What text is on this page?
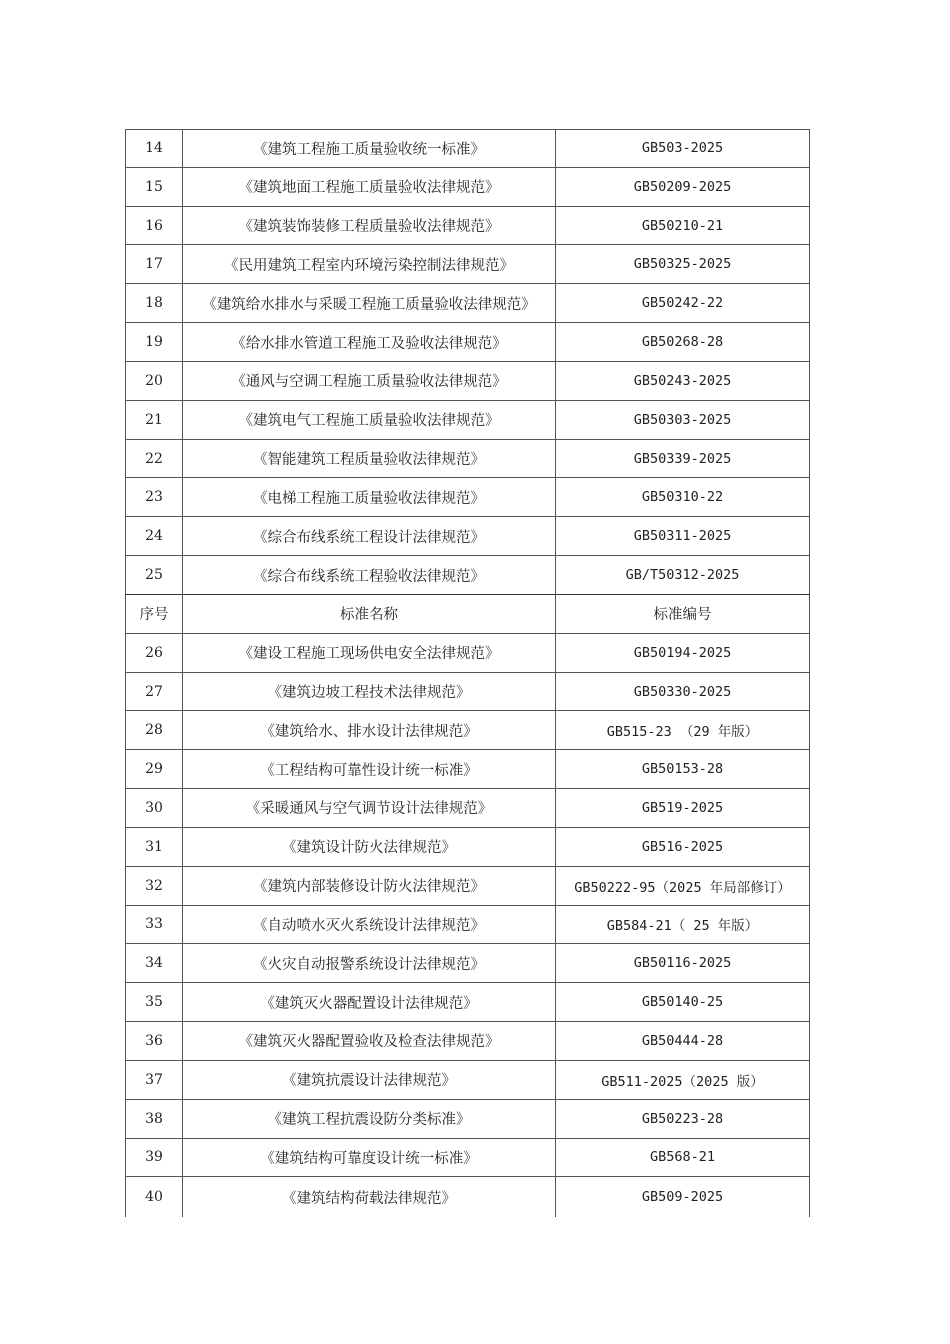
14	《建筑工程施工质量验收统一标准》	GB503-2025
15	《建筑地面工程施工质量验收法律规范》	GB50209-2025
16	《建筑装饰装修工程质量验收法律规范》	GB50210-21
17	《民用建筑工程室内环境污染控制法律规范》	GB50325-2025
18	《建筑给水排水与采暖工程施工质量验收法律规范》	GB50242-22
19	《给水排水管道工程施工及验收法律规范》	GB50268-28
20	《通风与空调工程施工质量验收法律规范》	GB50243-2025
21	《建筑电气工程施工质量验收法律规范》	GB50303-2025
22	《智能建筑工程质量验收法律规范》	GB50339-2025
23	《电梯工程施工质量验收法律规范》	GB50310-22
24	《综合布线系统工程设计法律规范》	GB50311-2025
25	《综合布线系统工程验收法律规范》	GB/T50312-2025
序号	标准名称	标准编号
26	《建设工程施工现场供电安全法律规范》	GB50194-2025
27	《建筑边坡工程技术法律规范》	GB50330-2025
28	《建筑给水、排水设计法律规范》	GB515-23 （29 年版）
29	《工程结构可靠性设计统一标准》	GB50153-28
30	《采暖通风与空气调节设计法律规范》	GB519-2025
31	《建筑设计防火法律规范》	GB516-2025
32	《建筑内部装修设计防火法律规范》	GB50222-95（2025 年局部修订）
33	《自动喷水灭火系统设计法律规范》	GB584-21（ 25 年版）
34	《火灾自动报警系统设计法律规范》	GB50116-2025
35	《建筑灭火器配置设计法律规范》	GB50140-25
36	《建筑灭火器配置验收及检查法律规范》	GB50444-28
37	《建筑抗震设计法律规范》	GB511-2025（2025 版）
38	《建筑工程抗震设防分类标准》	GB50223-28
39	《建筑结构可靠度设计统一标准》	GB568-21
40	《建筑结构荷载法律规范》	GB509-2025
